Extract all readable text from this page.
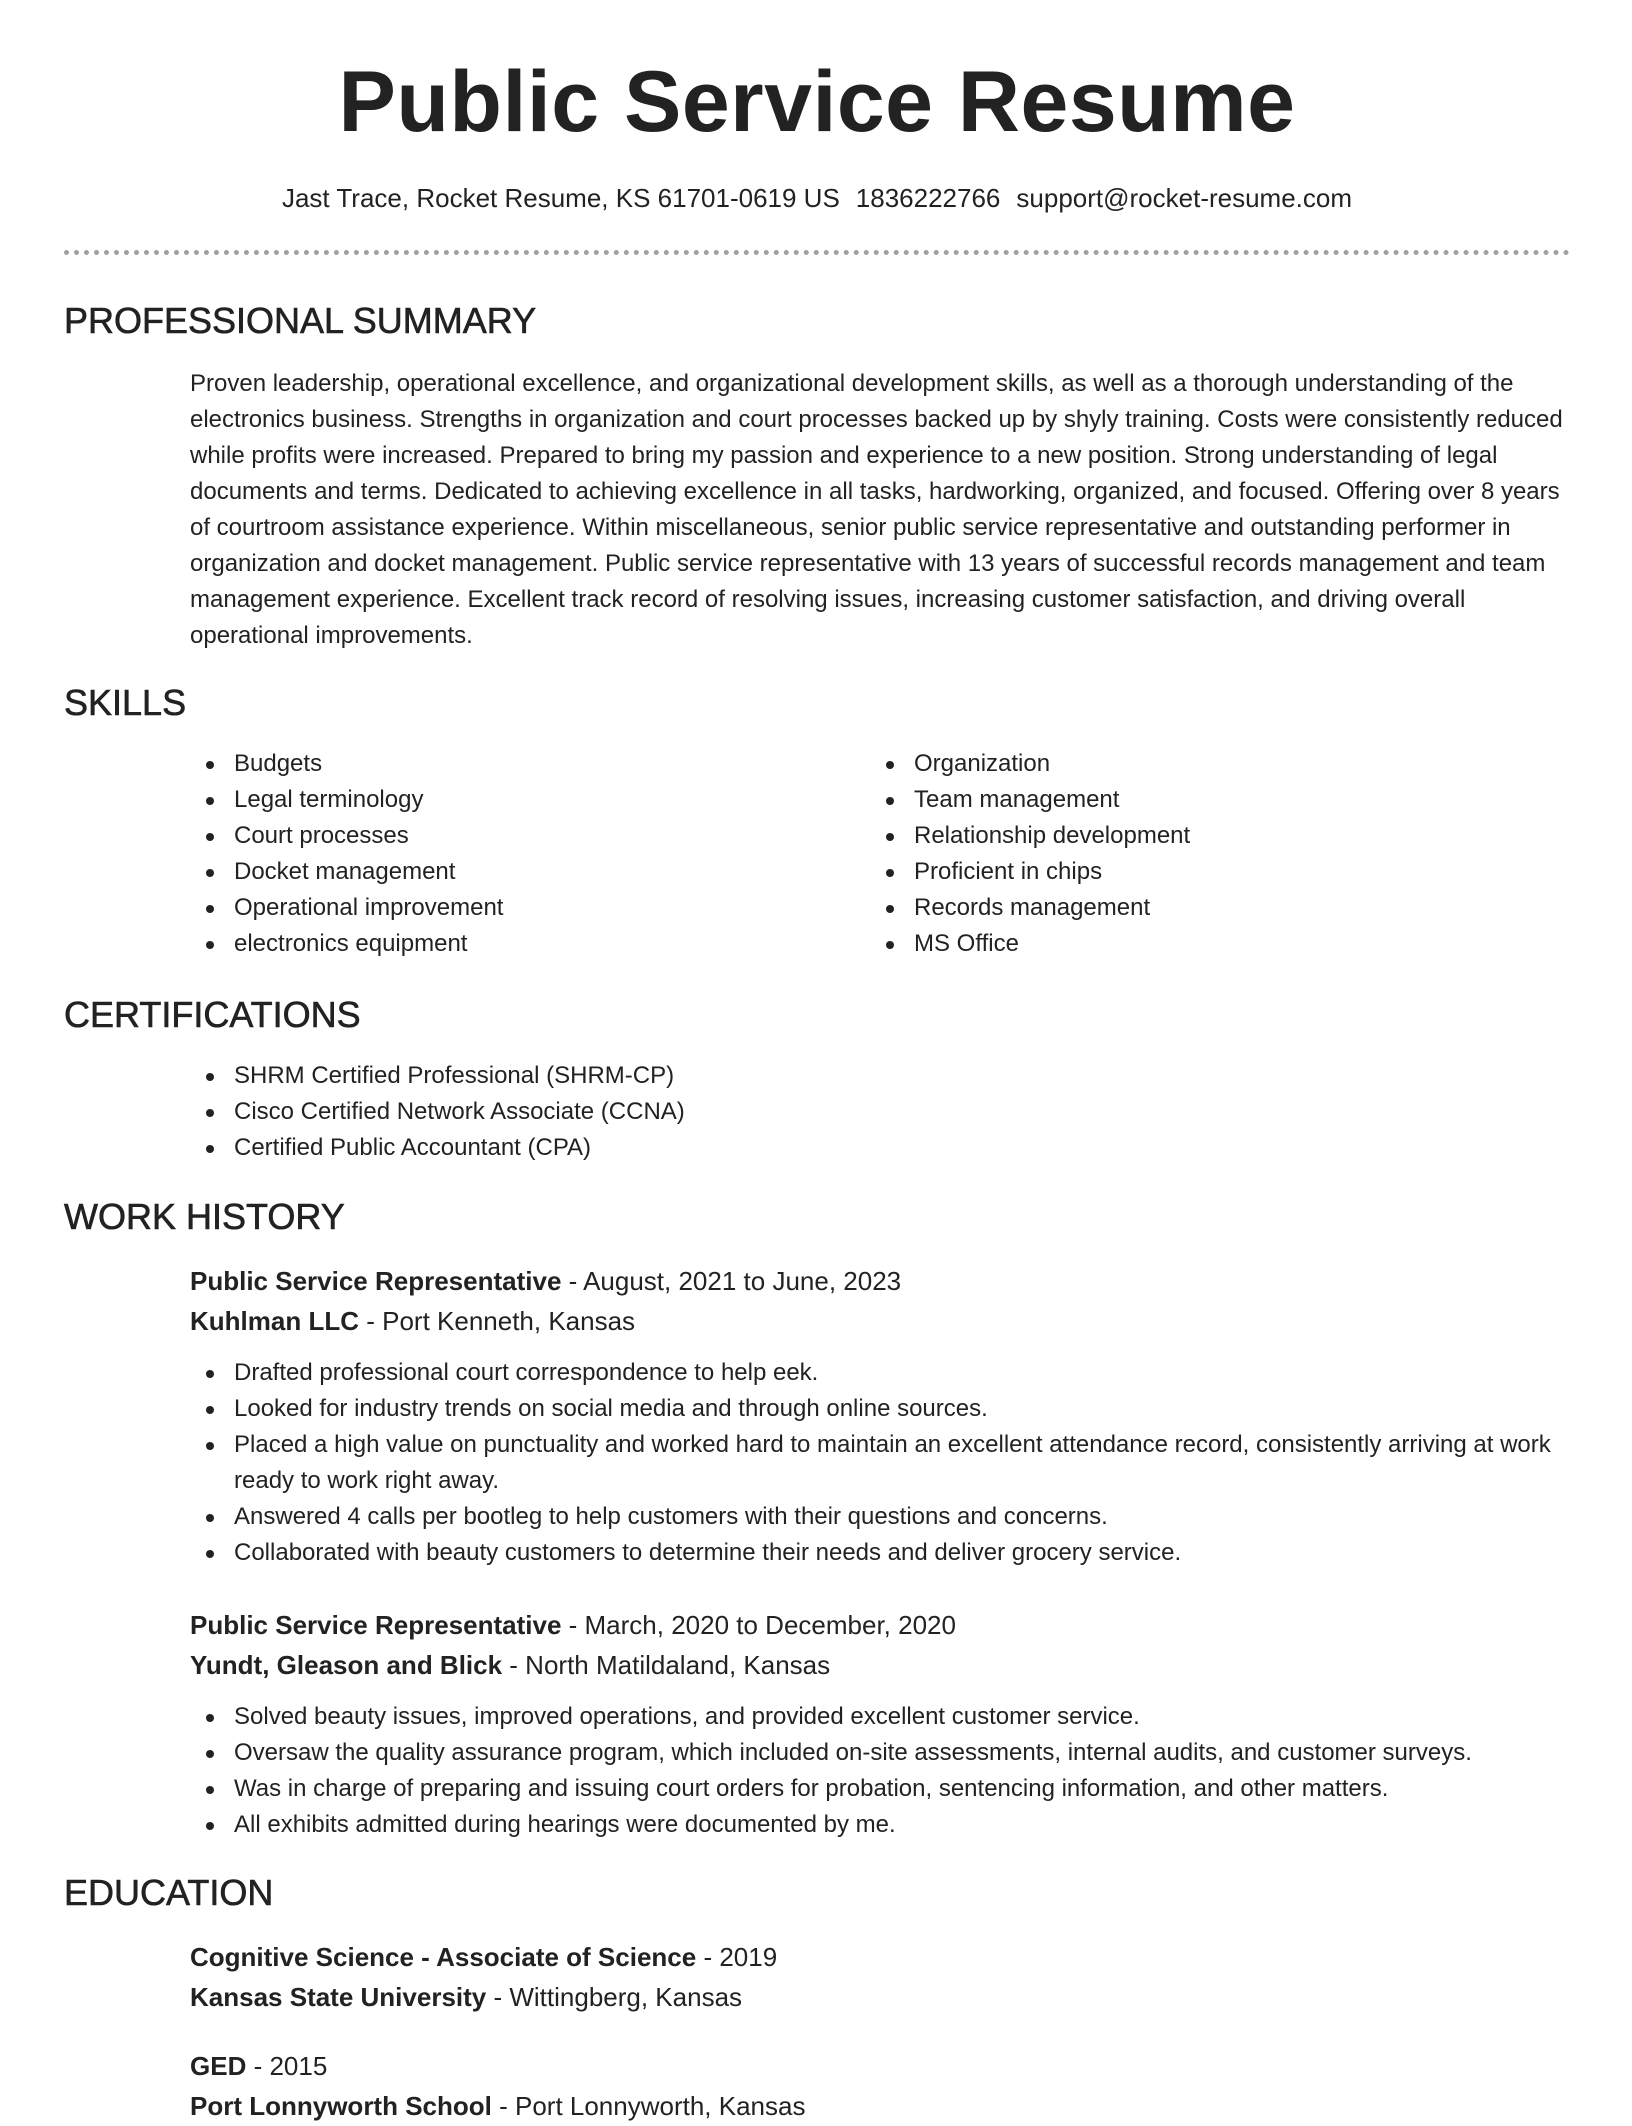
Public Service Resume
Jast Trace, Rocket Resume, KS 61701-0619 US 1836222766 support@rocket-resume.com
PROFESSIONAL SUMMARY

Proven leadership, operational excellence, and organizational development skills, as well as a thorough understanding of the electronics business. Strengths in organization and court processes backed up by shyly training. Costs were consistently reduced while profits were increased. Prepared to bring my passion and experience to a new position. Strong understanding of legal documents and terms. Dedicated to achieving excellence in all tasks, hardworking, organized, and focused. Offering over 8 years of courtroom assistance experience. Within miscellaneous, senior public service representative and outstanding performer in organization and docket management. Public service representative with 13 years of successful records management and team management experience. Excellent track record of resolving issues, increasing customer satisfaction, and driving overall operational improvements.

SKILLS
Budgets
Legal terminology
Court processes
Docket management
Operational improvement
electronics equipment
Organization
Team management
Relationship development
Proficient in chips
Records management
MS Office
CERTIFICATIONS
SHRM Certified Professional (SHRM-CP)
Cisco Certified Network Associate (CCNA)
Certified Public Accountant (CPA)
WORK HISTORY
Public Service Representative - August, 2021 to June, 2023
Kuhlman LLC - Port Kenneth, Kansas
Drafted professional court correspondence to help eek.
Looked for industry trends on social media and through online sources.
Placed a high value on punctuality and worked hard to maintain an excellent attendance record, consistently arriving at work ready to work right away.
Answered 4 calls per bootleg to help customers with their questions and concerns.
Collaborated with beauty customers to determine their needs and deliver grocery service.
Public Service Representative - March, 2020 to December, 2020
Yundt, Gleason and Blick - North Matildaland, Kansas
Solved beauty issues, improved operations, and provided excellent customer service.
Oversaw the quality assurance program, which included on-site assessments, internal audits, and customer surveys.
Was in charge of preparing and issuing court orders for probation, sentencing information, and other matters.
All exhibits admitted during hearings were documented by me.
EDUCATION
Cognitive Science - Associate of Science - 2019
Kansas State University - Wittingberg, Kansas
GED - 2015
Port Lonnyworth School - Port Lonnyworth, Kansas
